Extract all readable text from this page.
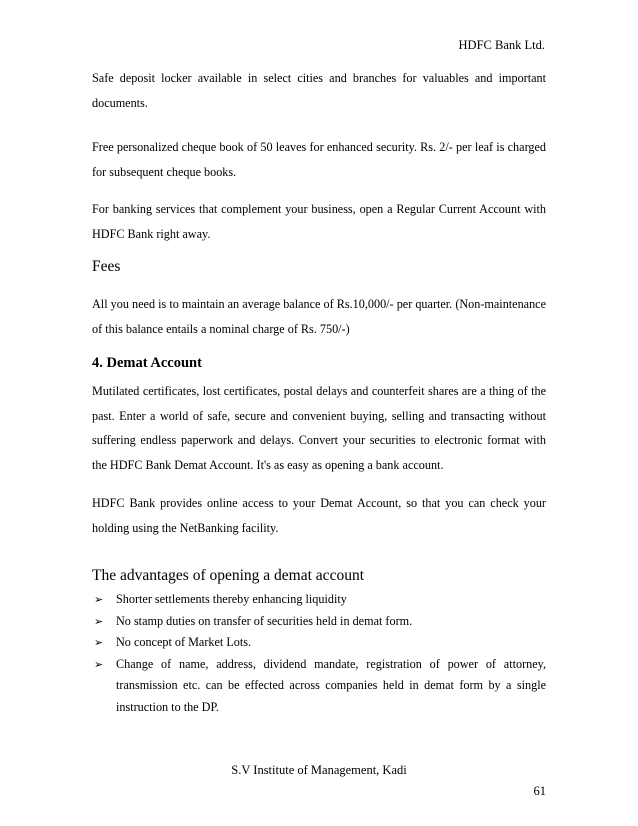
HDFC Bank Ltd.

Safe deposit locker available in select cities and branches for valuables and important documents.

Free personalized cheque book of 50 leaves for enhanced security. Rs. 2/- per leaf is charged for subsequent cheque books.

For banking services that complement your business, open a Regular Current Account with HDFC Bank right away.

Fees

All you need is to maintain an average balance of Rs.10,000/- per quarter. (Non-maintenance of this balance entails a nominal charge of Rs. 750/-)

4. Demat Account

Mutilated certificates, lost certificates, postal delays and counterfeit shares are a thing of the past. Enter a world of safe, secure and convenient buying, selling and transacting without suffering endless paperwork and delays. Convert your securities to electronic format with the HDFC Bank Demat Account. It's as easy as opening a bank account.

HDFC Bank provides online access to your Demat Account, so that you can check your holding using the NetBanking facility.

The advantages of opening a demat account
➢ Shorter settlements thereby enhancing liquidity
➢ No stamp duties on transfer of securities held in demat form.
➢ No concept of Market Lots.
➢ Change of name, address, dividend mandate, registration of power of attorney, transmission etc. can be effected across companies held in demat form by a single instruction to the DP.
S.V Institute of Management, Kadi
61
